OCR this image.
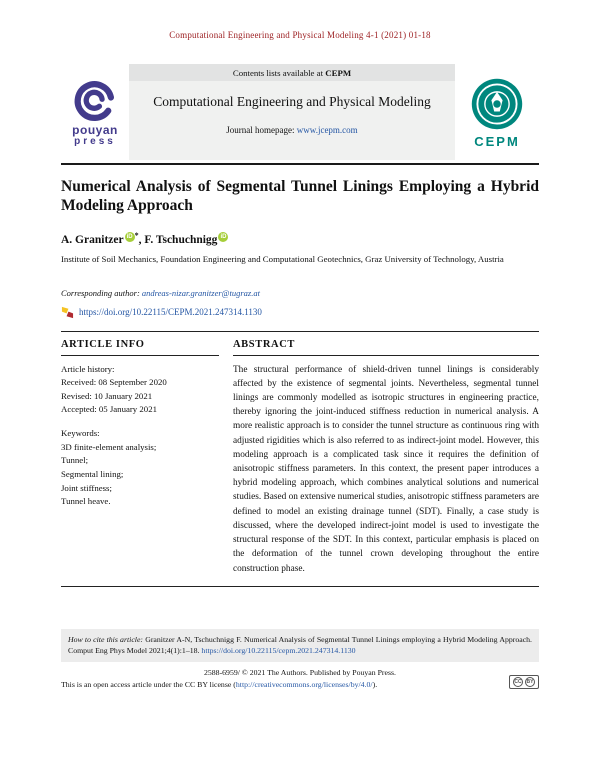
Computational Engineering and Physical Modeling 4-1 (2021) 01-18
pouyan
press
Contents lists available at CEPM
Computational Engineering and Physical Modeling
Journal homepage: www.jcepm.com
CEPM
Numerical Analysis of Segmental Tunnel Linings Employing a Hybrid Modeling Approach

A. Granitzer iD *, F. Tschuchnigg iD

Institute of Soil Mechanics, Foundation Engineering and Computational Geotechnics, Graz University of Technology, Austria

Corresponding author: andreas-nizar.granitzer@tugraz.at

https://doi.org/10.22115/CEPM.2021.247314.1130
ARTICLE INFO
Article history:
Received: 08 September 2020
Revised: 10 January 2021
Accepted: 05 January 2021
Keywords:
3D finite-element analysis;
Tunnel;
Segmental lining;
Joint stiffness;
Tunnel heave.
ABSTRACT

The structural performance of shield-driven tunnel linings is considerably affected by the existence of segmental joints. Nevertheless, segmental tunnel linings are commonly modelled as isotropic structures in engineering practice, thereby ignoring the joint-induced stiffness reduction in numerical analysis. A more realistic approach is to consider the tunnel structure as continuous ring with adjusted rigidities which is also referred to as indirect-joint model. However, this modeling approach is a complicated task since it requires the definition of anisotropic stiffness parameters. In this context, the present paper introduces a hybrid modeling approach, which combines analytical solutions and numerical studies. Based on extensive numerical studies, anisotropic stiffness parameters are defined to model an existing drainage tunnel (SDT). Finally, a case study is discussed, where the developed indirect-joint model is used to investigate the structural response of the SDT. In this context, particular emphasis is placed on the deformation of the tunnel crown developing throughout the entire construction phase.

How to cite this article: Granitzer A-N, Tschuchnigg F. Numerical Analysis of Segmental Tunnel Linings employing a Hybrid Modeling Approach. Comput Eng Phys Model 2021;4(1):1–18. https://doi.org/10.22115/cepm.2021.247314.1130
2588-6959/ © 2021 The Authors. Published by Pouyan Press.
This is an open access article under the CC BY license (http://creativecommons.org/licenses/by/4.0/).	CC BY
